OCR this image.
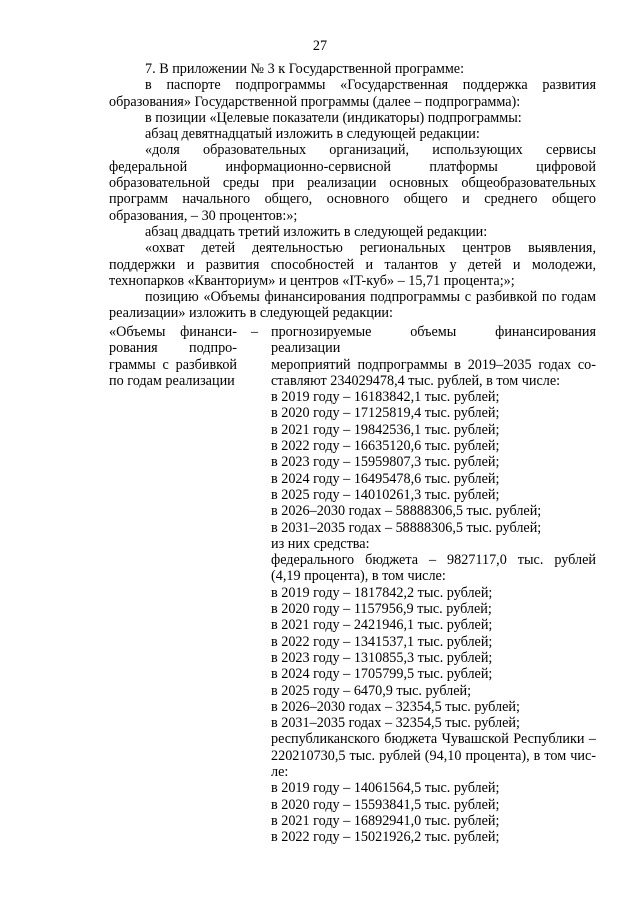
27

7. В приложении № 3 к Государственной программе:

в паспорте подпрограммы «Государственная поддержка развития образования» Государственной программы (далее – подпрограмма):

в позиции «Целевые показатели (индикаторы) подпрограммы:

абзац девятнадцатый изложить в следующей редакции:

«доля образовательных организаций, использующих сервисы федеральной информационно-сервисной платформы цифровой образовательной среды при реализации основных общеобразовательных программ начального общего, основного общего и среднего общего образования, – 30 процентов:»;

абзац двадцать третий изложить в следующей редакции:

«охват детей деятельностью региональных центров выявления, поддержки и развития способностей и талантов у детей и молодежи, технопарков «Кванториум» и центров «IT-куб» – 15,71 процента;»;

позицию «Объемы финансирования подпрограммы с разбивкой по годам реализации» изложить в следующей редакции:

«Объемы финанси-
рования подпро-
граммы с разбивкой
по годам реализации
– прогнозируемые объемы финансирования реализации
мероприятий подпрограммы в 2019–2035 годах со-
ставляют 234029478,4 тыс. рублей, в том числе:
в 2019 году – 16183842,1 тыс. рублей;
в 2020 году – 17125819,4 тыс. рублей;
в 2021 году – 19842536,1 тыс. рублей;
в 2022 году – 16635120,6 тыс. рублей;
в 2023 году – 15959807,3 тыс. рублей;
в 2024 году – 16495478,6 тыс. рублей;
в 2025 году – 14010261,3 тыс. рублей;
в 2026–2030 годах – 58888306,5 тыс. рублей;
в 2031–2035 годах – 58888306,5 тыс. рублей;
из них средства:
федерального бюджета – 9827117,0 тыс. рублей
(4,19 процента), в том числе:
в 2019 году – 1817842,2 тыс. рублей;
в 2020 году – 1157956,9 тыс. рублей;
в 2021 году – 2421946,1 тыс. рублей;
в 2022 году – 1341537,1 тыс. рублей;
в 2023 году – 1310855,3 тыс. рублей;
в 2024 году – 1705799,5 тыс. рублей;
в 2025 году – 6470,9 тыс. рублей;
в 2026–2030 годах – 32354,5 тыс. рублей;
в 2031–2035 годах – 32354,5 тыс. рублей;
республиканского бюджета Чувашской Республики –
220210730,5 тыс. рублей (94,10 процента), в том чис-
ле:
в 2019 году – 14061564,5 тыс. рублей;
в 2020 году – 15593841,5 тыс. рублей;
в 2021 году – 16892941,0 тыс. рублей;
в 2022 году – 15021926,2 тыс. рублей;
